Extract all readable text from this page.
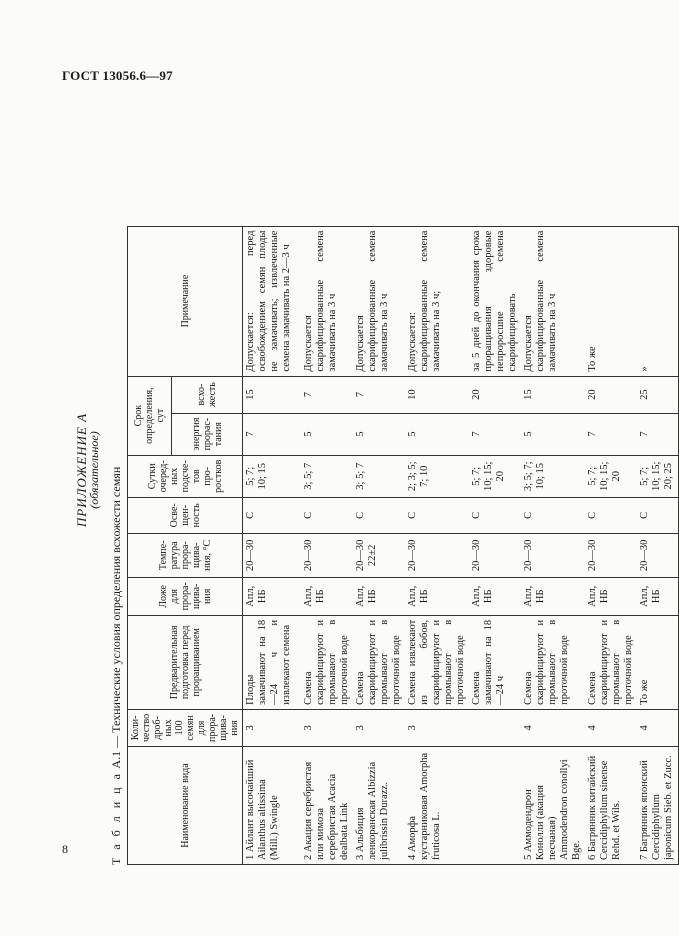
ГОСТ 13056.6—97
8
ПРИЛОЖЕНИЕ А
(обязательное)
Т а б л и ц а А.1 — Технические условия определения всхожести семян
Наименование вида	Коли-чество дроб- ных 100 семян для прора-щива-ния	Предварительная подготовка перед проращиванием	Ложе для прора-щива-ния	Темпе-ратура прора-щива-ния, °С	Осве-щен-ность	Сутки очеред-ных подсче-тов про-ростков	Срок определения, сут		Примечание
							энергия прорас-тания	всхо-жесть	
1 Айлант высочайший Ailanthus altissima (Mill.) Swingle	3	Плоды замачивают на 18—24 ч и извлекают семена	Апл, НБ	20—30	С	5; 7; 10; 15	7	15	Допускается: перед освобождением семян плоды не замачивать; извлеченные семена замачивать на 2—3 ч
2 Акация серебристая или мимоза серебристая Acacia dealbata Link	3	Семена скарифицируют и промывают в проточной воде	Апл, НБ	20—30	С	3; 5; 7	5	7	Допускается скарифицированные семена замачивать на 3 ч
3 Альбиция ленкоранская Albizzia julibrissin Durazz.	3	Семена скарифицируют и промывают в проточной воде	Апл, НБ	20—30 22±2	С	3; 5; 7	5	7	Допускается скарифицированные семена замачивать на 3 ч
4 Аморфа кустарниковая Amorpha fruticosa L.	3	Семена извлекают из бобов, скарифицируют и промывают в проточной воде	Апл, НБ	20—30	С	2; 3; 5; 7; 10	5	10	Допускается: скарифицированные семена замачивать на 3 ч;
		Семена замачивают на 18—24 ч	Апл, НБ	20—30	С	5; 7; 10; 15; 20	7	20	за 5 дней до окончания срока проращивания здоровые непроросшие семена скарифицировать
5 Аммодендрон Конолли (акация песчаная) Ammodendron conollyi Bge.	4	Семена скарифицируют и промывают в проточной воде	Апл, НБ	20—30	С	3; 5; 7; 10; 15	5	15	Допускается скарифицированные семена замачивать на 3 ч
6 Багрянник китайский Cercidiphyllum sinense Rehd. et Wils.	4	Семена скарифицируют и промывают в проточной воде	Апл, НБ	20—30	С	5; 7; 10; 15; 20	7	20	То же
7 Багрянник японский Cercidiphyllum japonicum Sieb. et Zucc.	4	То же	Апл, НБ	20—30	С	5; 7; 10; 15; 20; 25	7	25	»
